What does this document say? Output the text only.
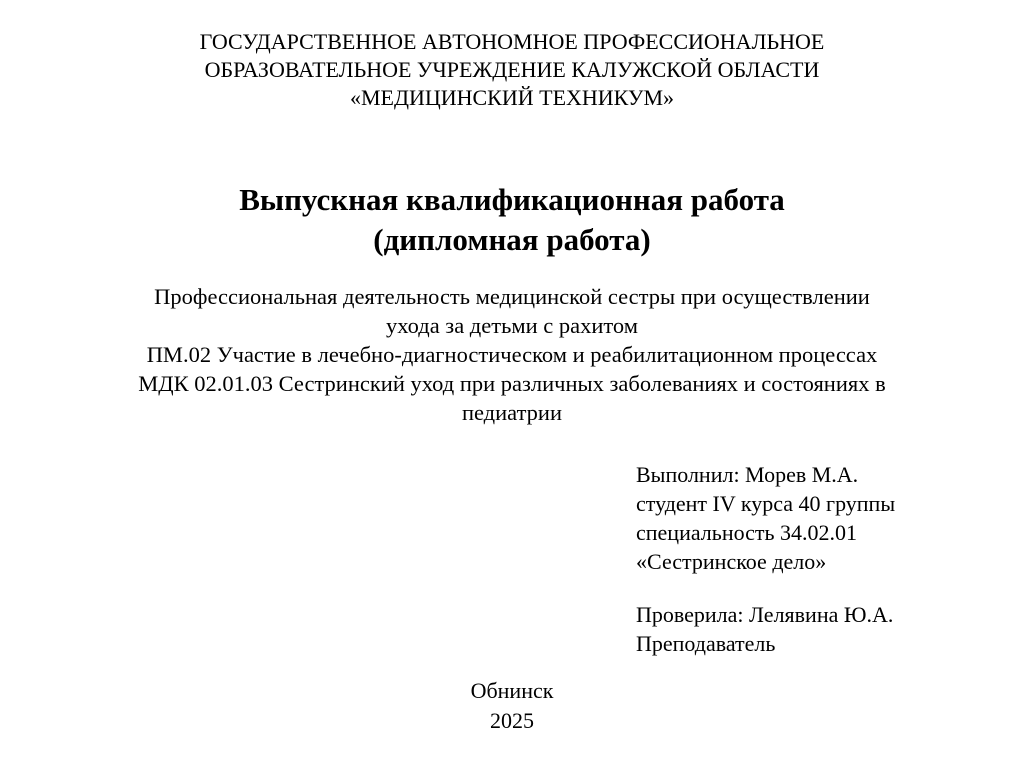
ГОСУДАРСТВЕННОЕ АВТОНОМНОЕ ПРОФЕССИОНАЛЬНОЕ
ОБРАЗОВАТЕЛЬНОЕ УЧРЕЖДЕНИЕ КАЛУЖСКОЙ ОБЛАСТИ
«МЕДИЦИНСКИЙ ТЕХНИКУМ»
Выпускная квалификационная работа
(дипломная работа)
Профессиональная деятельность медицинской сестры при осуществлении
ухода за детьми с рахитом
ПМ.02 Участие в лечебно-диагностическом и реабилитационном процессах
МДК 02.01.03 Сестринский уход при различных заболеваниях и состояниях в
педиатрии
Выполнил: Морев М.А.
студент IV курса 40 группы
специальность 34.02.01
«Сестринское дело»
Проверила: Лелявина Ю.А.
Преподаватель
Обнинск
2025
